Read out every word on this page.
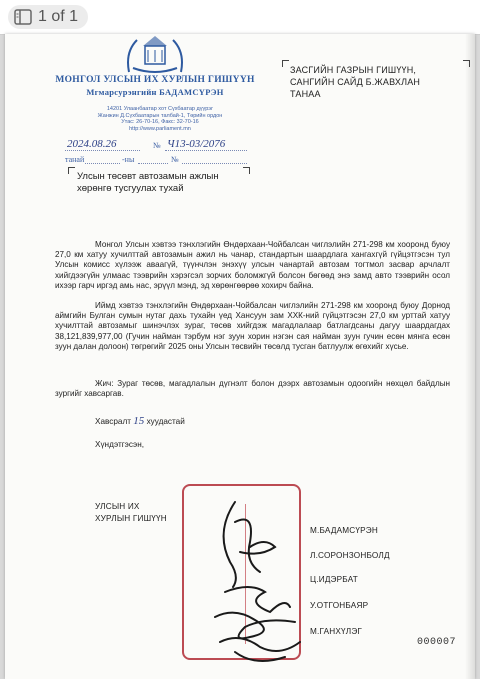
1 of 1
МОНГОЛ УЛСЫН ИХ ХУРЛЫН ГИШҮҮН
Мгмарсурэнгийн БАДАМСҮРЭН
14201 Улаанбаатар хот Сүхбаатар дүүрэг
Жанжин Д.Сүхбаатарын талбай-1, Төрийн ордон
Утас: 26-70-16, Факс: 32-70-16
http://www.parliament.mn
2024.08.26	№ Ч13-03/2076
танай	-ны	№
ЗАСГИЙН ГАЗРЫН ГИШҮҮН,
САНГИЙН САЙД Б.ЖАВХЛАН
ТАНАА
Улсын төсөвт автозамын ажлын
хөрөнгө тусгуулах тухай
Монгол Улсын хэвтээ тэнхлэгийн Өндөрхаан-Чойбалсан чиглэлийн 271-298 км хооронд буюу 27,0 км хатуу хучилттай автозамын ажил нь чанар, стандартын шаардлага хангахгүй гүйцэтгэсэн тул Улсын комисс хүлээж аваагүй, түүнчлэн энэхүү улсын чанартай автозам тогтмол засвар арчлалт хийгдээгүйн улмаас тээврийн хэрэгсэл зорчих боломжгүй болсон бөгөөд энэ замд авто тээврийн осол ихээр гарч иргэд амь нас, эрүүл мэнд, эд хөрөнгөөрөө хохирч байна.
Иймд хэвтээ тэнхлэгийн Өндөрхаан-Чойбалсан чиглэлийн 271-298 км хооронд буюу Дорнод аймгийн Булган сумын нутаг дахь тухайн үед Хансуун зам ХХК-ний гүйцэтгэсэн 27,0 км урттай хатуу хучилттай автозамыг шинэчлэх зураг, төсөв хийгдэж магадлалаар батлагдсаны дагуу шаардагдах 38,121,839,977,00 (Гучин найман тэрбум нэг зуун хорин нэгэн сая найман зуун гучин есөн мянга есөн зуун далан долоон) төгрөгийг 2025 оны Улсын төсвийн төсөлд тусган батлуулж өгөхийг хүсье.
Жич: Зураг төсөв, магадлалын дүгнэлт болон дээрх автозамын одоогийн нөхцөл байдлын зургийг хавсаргав.
Хавсралт 15 хуудастай
Хүндэтгэсэн,
УЛСЫН ИХ
ХУРЛЫН ГИШҮҮН
М.БАДАМСҮРЭН
Л.СОРОНЗОНБОЛД
Ц.ИДЭРБАТ
У.ОТГОНБАЯР
М.ГАНХҮЛЭГ
000007
